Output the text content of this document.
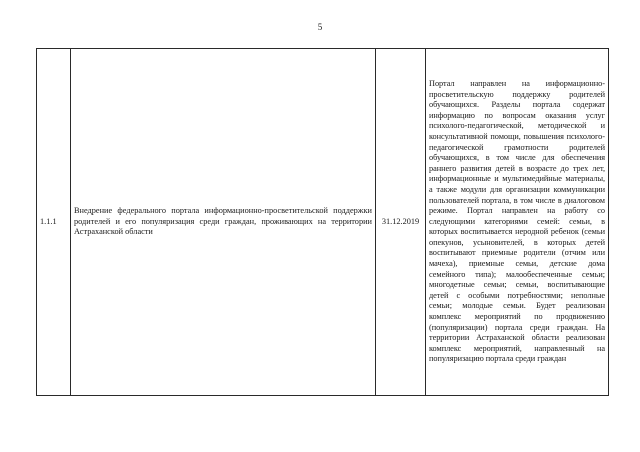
5
1.1.1	Внедрение федерального портала информационно-просветительской поддержки родителей и его популяризация среди граждан, проживающих на территории Астраханской области	31.12.2019	Портал направлен на информационно-просветительскую поддержку родителей обучающихся. Разделы портала содержат информацию по вопросам оказания услуг психолого-педагогической, методической и консультативной помощи, повышения психолого-педагогической грамотности родителей обучающихся, в том числе для обеспечения раннего развития детей в возрасте до трех лет, информационные и мультимедийные материалы, а также модули для организации коммуникации пользователей портала, в том числе в диалоговом режиме. Портал направлен на работу со следующими категориями семей: семьи, в которых воспитывается неродной ребенок (семьи опекунов, усыновителей, в которых детей воспитывают приемные родители (отчим или мачеха), приемные семьи, детские дома семейного типа); малообеспеченные семьи; многодетные семьи; семьи, воспитывающие детей с особыми потребностями; неполные семьи; молодые семьи. Будет реализован комплекс мероприятий по продвижению (популяризации) портала среди граждан. На территории Астраханской области реализован комплекс мероприятий, направленный на популяризацию портала среди граждан
